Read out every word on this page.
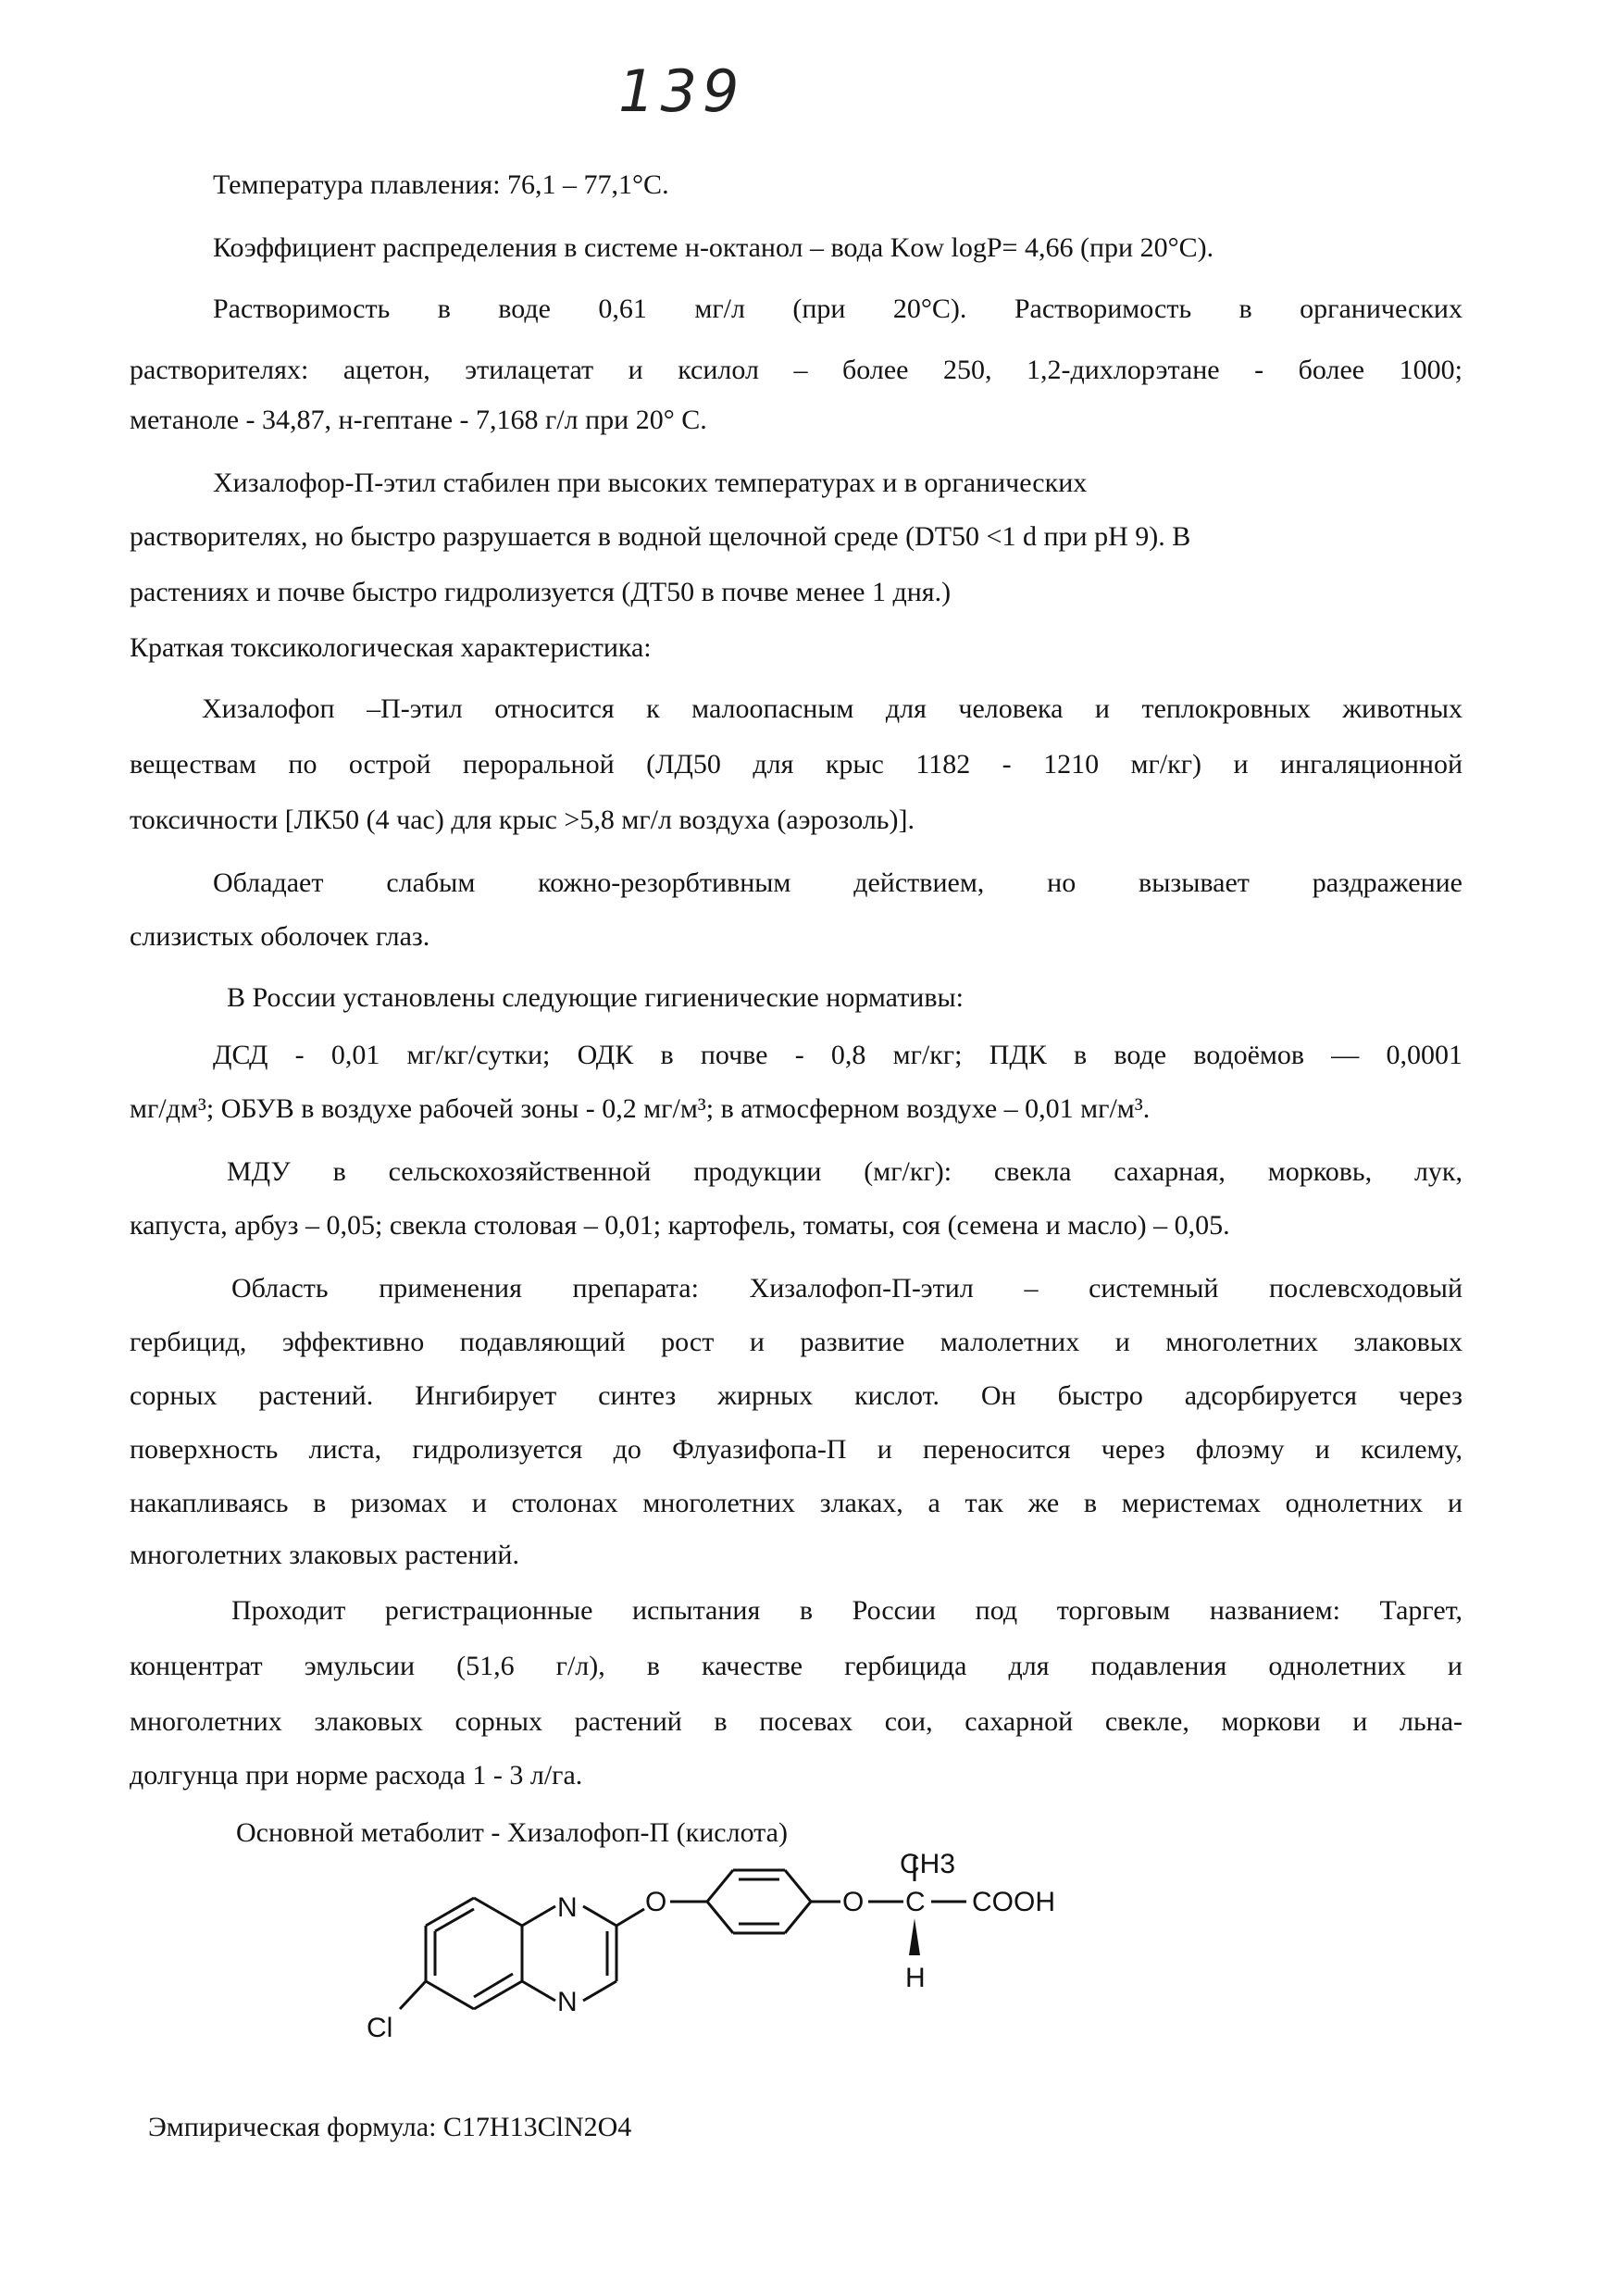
139
Температура плавления: 76,1 – 77,1°С.
Коэффициент распределения в системе н-октанол – вода Kow logP= 4,66 (при 20°С).
Растворимость в воде 0,61 мг/л (при 20°С). Растворимость в органических
растворителях: ацетон, этилацетат и ксилол – более 250, 1,2-дихлорэтане - более 1000;
метаноле - 34,87, н-гептане - 7,168 г/л при 20° С.
Хизалофор-П-этил стабилен при высоких температурах и в органических
растворителях, но быстро разрушается в водной щелочной среде (DT50 <1 d при pH 9). В
растениях и почве быстро гидролизуется (ДТ50 в почве менее 1 дня.)
Краткая токсикологическая характеристика:
Хизалофоп –П-этил относится к малоопасным для человека и теплокровных животных
веществам по острой пероральной (ЛД50 для крыс 1182 - 1210 мг/кг) и ингаляционной
токсичности [ЛК50 (4 час) для крыс >5,8 мг/л воздуха (аэрозоль)].
Обладает слабым кожно-резорбтивным действием, но вызывает раздражение
слизистых оболочек глаз.
В России установлены следующие гигиенические нормативы:
ДСД - 0,01 мг/кг/сутки; ОДК в почве - 0,8 мг/кг; ПДК в воде водоёмов — 0,0001
мг/дм³; ОБУВ в воздухе рабочей зоны - 0,2 мг/м³; в атмосферном воздухе – 0,01 мг/м³.
МДУ в сельскохозяйственной продукции (мг/кг): свекла сахарная, морковь, лук,
капуста, арбуз – 0,05; свекла столовая – 0,01; картофель, томаты, соя (семена и масло) – 0,05.
Область применения препарата: Хизалофоп-П-этил – системный послевсходовый
гербицид, эффективно подавляющий рост и развитие малолетних и многолетних злаковых
сорных растений. Ингибирует синтез жирных кислот. Он быстро адсорбируется через
поверхность листа, гидролизуется до Флуазифопа-П и переносится через флоэму и ксилему,
накапливаясь в ризомах и столонах многолетних злаках, а так же в меристемах однолетних и
многолетних злаковых растений.
Проходит регистрационные испытания в России под торговым названием: Таргет,
концентрат эмульсии (51,6 г/л), в качестве гербицида для подавления однолетних и
многолетних злаковых сорных растений в посевах сои, сахарной свекле, моркови и льна-
долгунца при норме расхода 1 - 3 л/га.
Основной метаболит - Хизалофоп-П (кислота)
Cl
N
N
O	O C
CH3
COOH
H
Эмпирическая формула: C17H13ClN2O4
